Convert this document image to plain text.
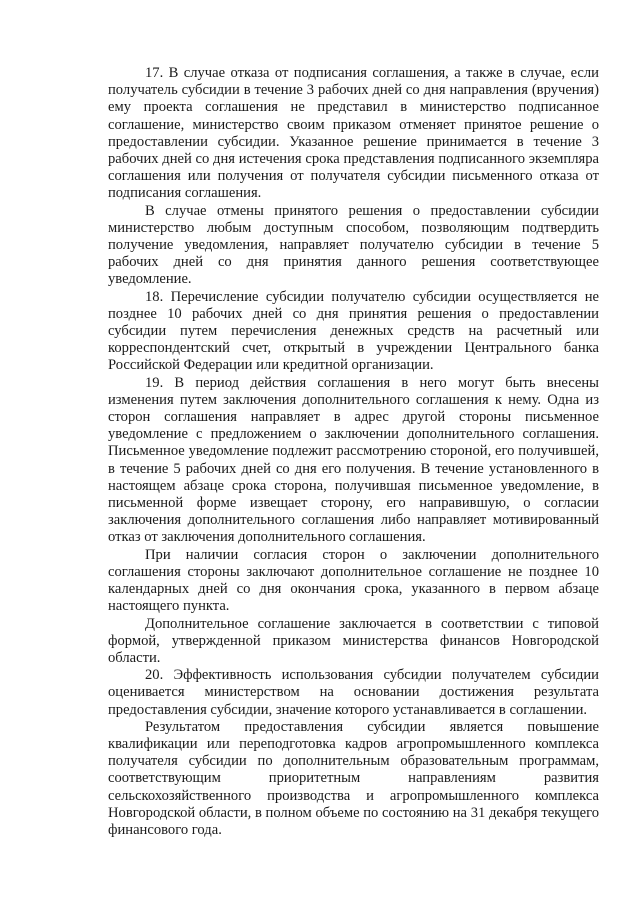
17. В случае отказа от подписания соглашения, а также в случае, если получатель субсидии в течение 3 рабочих дней со дня направления (вручения) ему проекта соглашения не представил в министерство подписанное соглашение, министерство своим приказом отменяет принятое решение о предоставлении субсидии. Указанное решение принимается в течение 3 рабочих дней со дня истечения срока представления подписанного экземпляра соглашения или получения от получателя субсидии письменного отказа от подписания соглашения.

В случае отмены принятого решения о предоставлении субсидии министерство любым доступным способом, позволяющим подтвердить получение уведомления, направляет получателю субсидии в течение 5 рабочих дней со дня принятия данного решения соответствующее уведомление.

18. Перечисление субсидии получателю субсидии осуществляется не позднее 10 рабочих дней со дня принятия решения о предоставлении субсидии путем перечисления денежных средств на расчетный или корреспондентский счет, открытый в учреждении Центрального банка Российской Федерации или кредитной организации.

19. В период действия соглашения в него могут быть внесены изменения путем заключения дополнительного соглашения к нему. Одна из сторон соглашения направляет в адрес другой стороны письменное уведомление с предложением о заключении дополнительного соглашения. Письменное уведомление подлежит рассмотрению стороной, его получившей, в течение 5 рабочих дней со дня его получения. В течение установленного в настоящем абзаце срока сторона, получившая письменное уведомление, в письменной форме извещает сторону, его направившую, о согласии заключения дополнительного соглашения либо направляет мотивированный отказ от заключения дополнительного соглашения.

При наличии согласия сторон о заключении дополнительного соглашения стороны заключают дополнительное соглашение не позднее 10 календарных дней со дня окончания срока, указанного в первом абзаце настоящего пункта.

Дополнительное соглашение заключается в соответствии с типовой формой, утвержденной приказом министерства финансов Новгородской области.

20. Эффективность использования субсидии получателем субсидии оценивается министерством на основании достижения результата предоставления субсидии, значение которого устанавливается в соглашении.

Результатом предоставления субсидии является повышение квалификации или переподготовка кадров агропромышленного комплекса получателя субсидии по дополнительным образовательным программам, соответствующим приоритетным направлениям развития сельскохозяйственного производства и агропромышленного комплекса Новгородской области, в полном объеме по состоянию на 31 декабря текущего финансового года.
